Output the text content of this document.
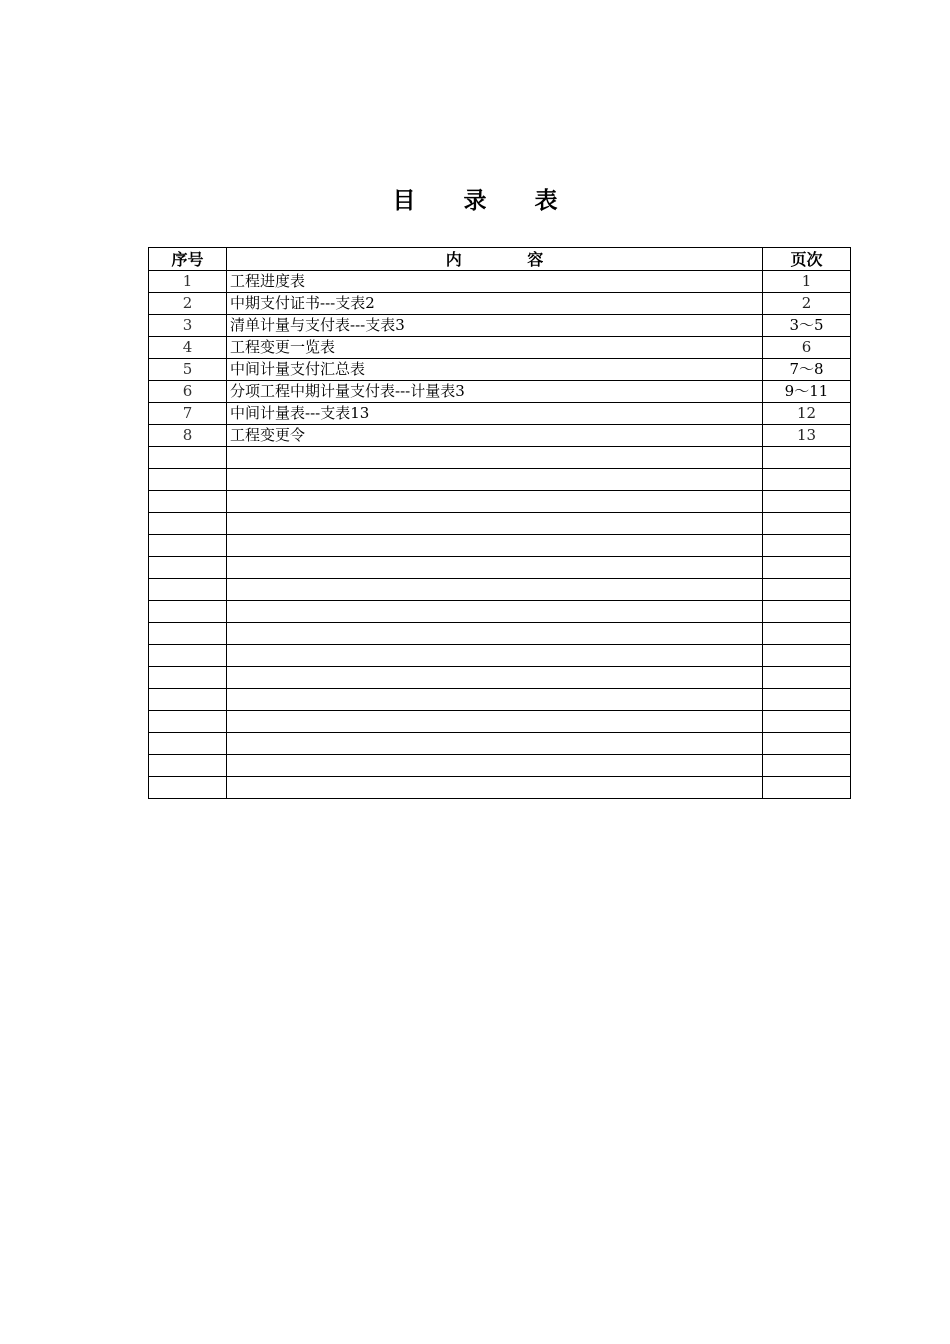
目 录 表
序号	内 容	页次
1	工程进度表	1
2	中期支付证书---支表2	2
3	清单计量与支付表---支表3	3～5
4	工程变更一览表	6
5	中间计量支付汇总表	7～8
6	分项工程中期计量支付表---计量表3	9～11
7	中间计量表---支表13	12
8	工程变更令	13
